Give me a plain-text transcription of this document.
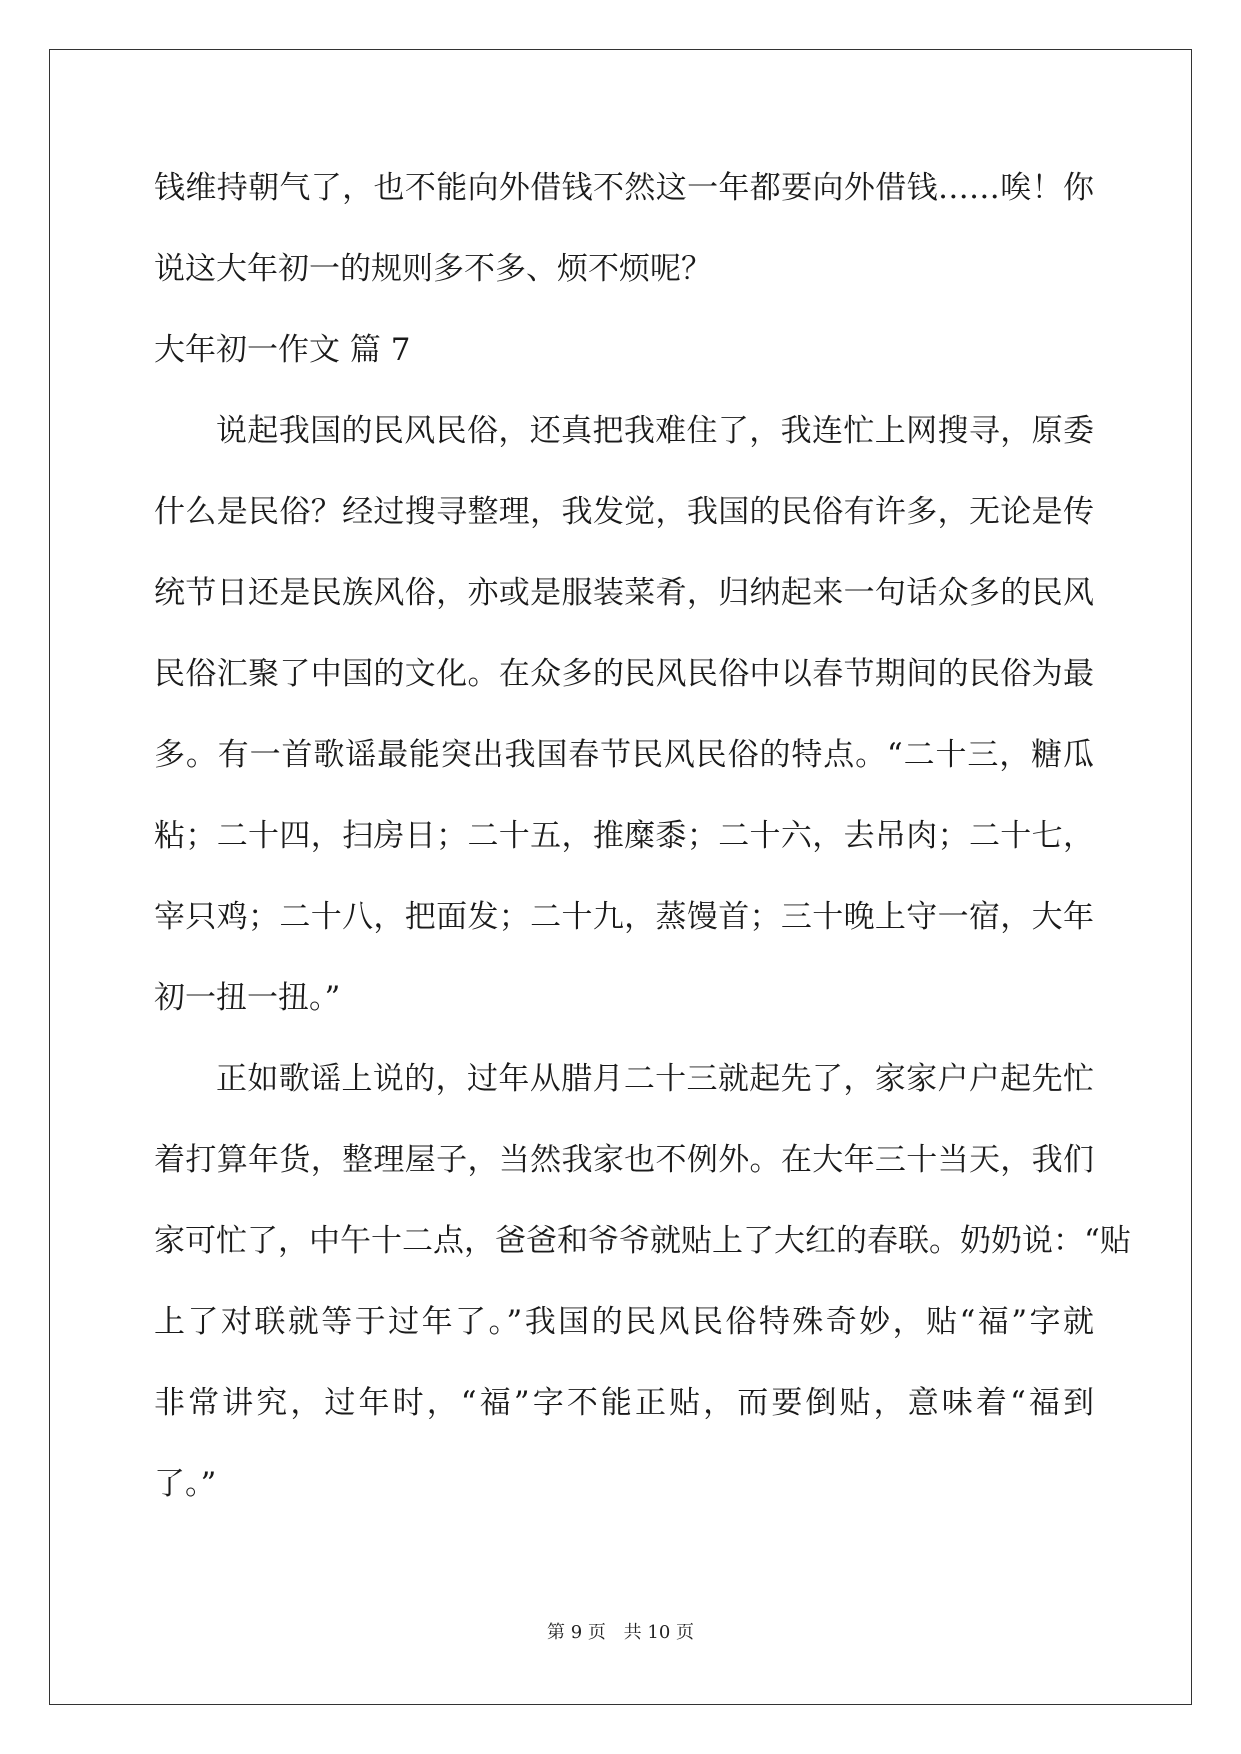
钱维持朝气了，也不能向外借钱不然这一年都要向外借钱……唉！你
说这大年初一的规则多不多、烦不烦呢？
大年初一作文 篇 7
说起我国的民风民俗，还真把我难住了，我连忙上网搜寻，原委
什么是民俗？经过搜寻整理，我发觉，我国的民俗有许多，无论是传
统节日还是民族风俗，亦或是服装菜肴，归纳起来一句话众多的民风
民俗汇聚了中国的文化。在众多的民风民俗中以春节期间的民俗为最
多。有一首歌谣最能突出我国春节民风民俗的特点。“二十三，糖瓜
粘；二十四，扫房日；二十五，推糜黍；二十六，去吊肉；二十七，
宰只鸡；二十八，把面发；二十九，蒸馒首；三十晚上守一宿，大年
初一扭一扭。”
正如歌谣上说的，过年从腊月二十三就起先了，家家户户起先忙
着打算年货，整理屋子，当然我家也不例外。在大年三十当天，我们
家可忙了，中午十二点，爸爸和爷爷就贴上了大红的春联。奶奶说：“贴
上了对联就等于过年了。”我国的民风民俗特殊奇妙，贴“福”字就
非常讲究，过年时，“福”字不能正贴，而要倒贴，意味着“福到
了。”
第 9 页 共 10 页
